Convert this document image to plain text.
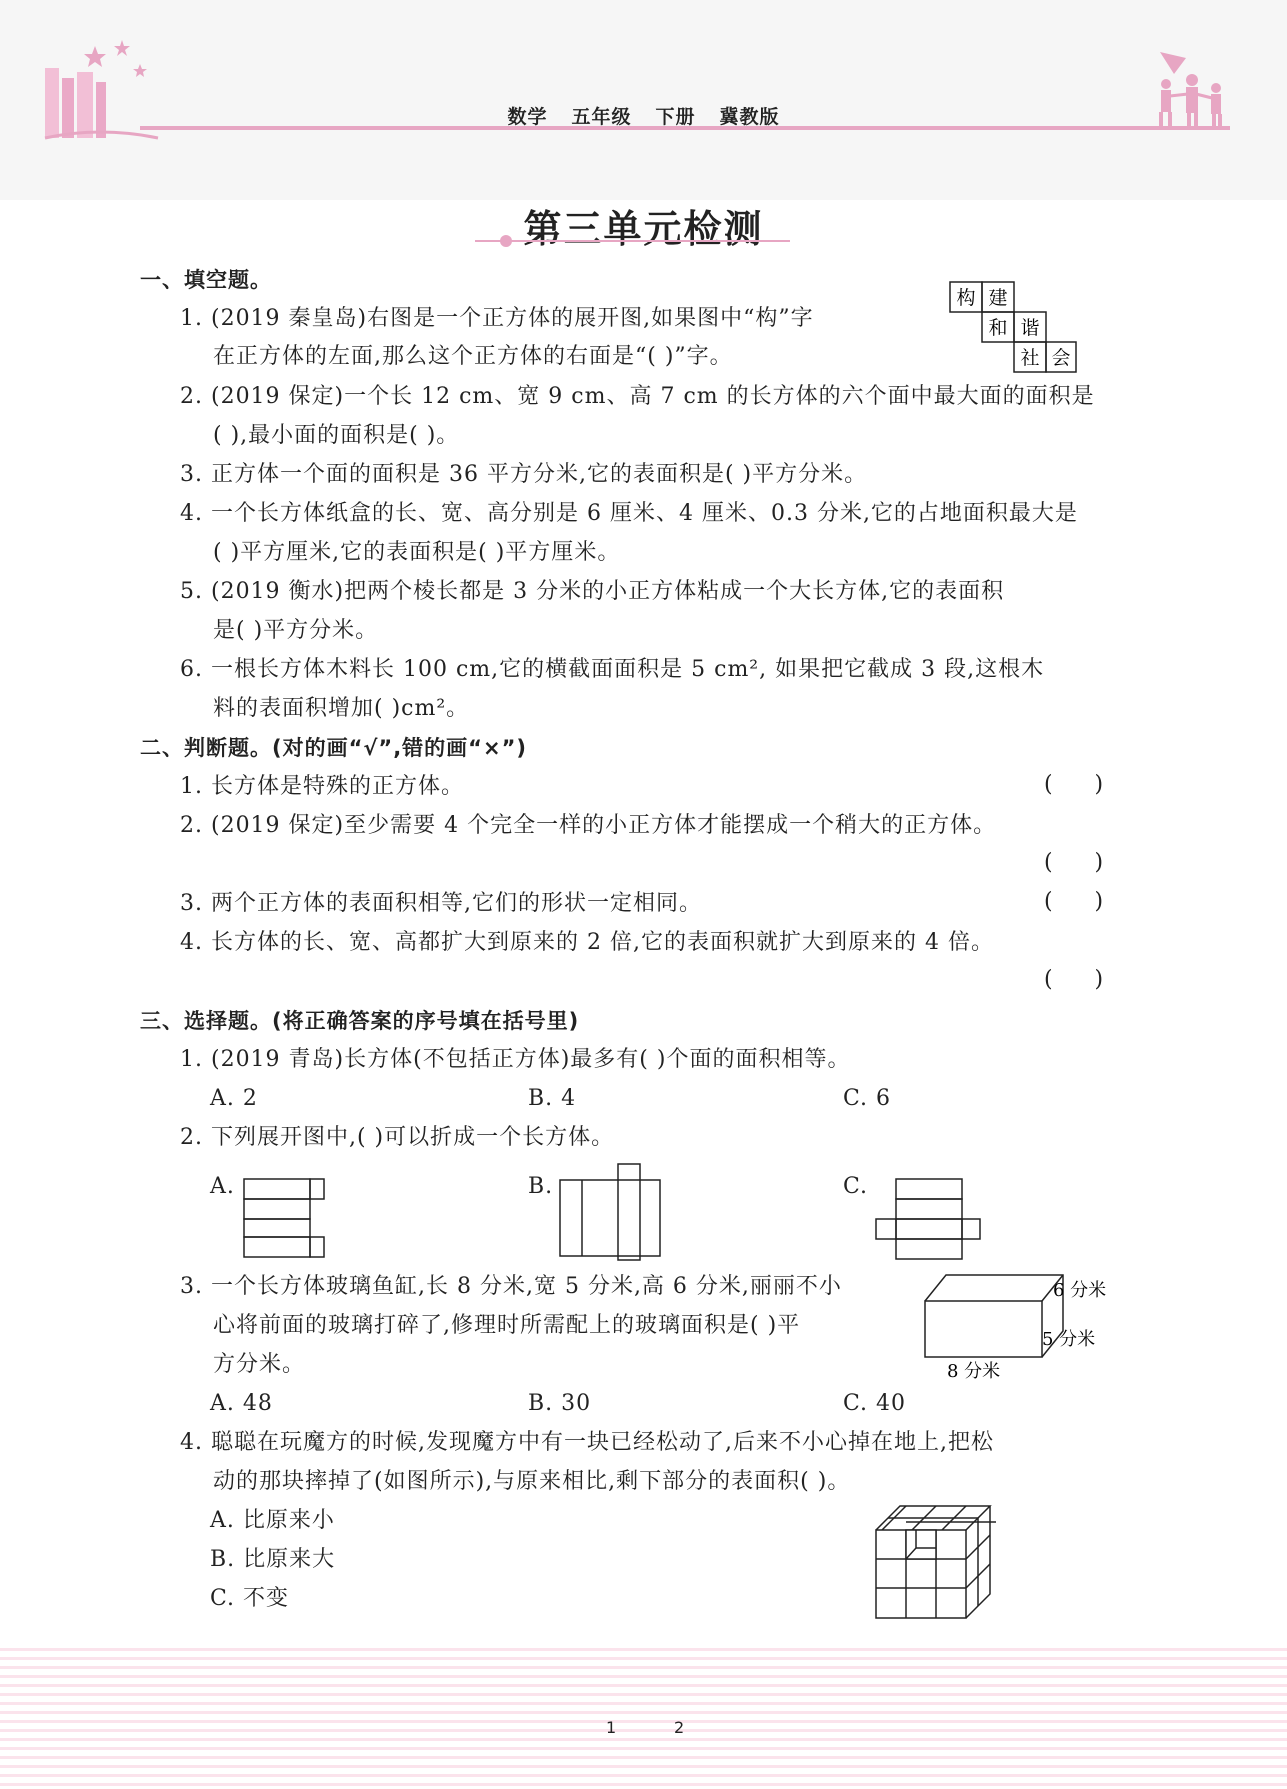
数学 五年级 下册 冀教版
第三单元检测
一、填空题。
1. (2019 秦皇岛)右图是一个正方体的展开图,如果图中“构”字
在正方体的左面,那么这个正方体的右面是“( )”字。
构 建
和 谐
社 会
2. (2019 保定)一个长 12 cm、宽 9 cm、高 7 cm 的长方体的六个面中最大面的面积是
( ),最小面的面积是( )。
3. 正方体一个面的面积是 36 平方分米,它的表面积是( )平方分米。
4. 一个长方体纸盒的长、宽、高分别是 6 厘米、4 厘米、0.3 分米,它的占地面积最大是
( )平方厘米,它的表面积是( )平方厘米。
5. (2019 衡水)把两个棱长都是 3 分米的小正方体粘成一个大长方体,它的表面积
是( )平方分米。
6. 一根长方体木料长 100 cm,它的横截面面积是 5 cm², 如果把它截成 3 段,这根木
料的表面积增加( )cm²。
二、判断题。(对的画“√”,错的画“×”)
1. 长方体是特殊的正方体。	(      )
2. (2019 保定)至少需要 4 个完全一样的小正方体才能摆成一个稍大的正方体。
(      )
3. 两个正方体的表面积相等,它们的形状一定相同。	(      )
4. 长方体的长、宽、高都扩大到原来的 2 倍,它的表面积就扩大到原来的 4 倍。
(      )
三、选择题。(将正确答案的序号填在括号里)
1. (2019 青岛)长方体(不包括正方体)最多有( )个面的面积相等。
A. 2	B. 4	C. 6
2. 下列展开图中,( )可以折成一个长方体。
A.	B.	C.
3. 一个长方体玻璃鱼缸,长 8 分米,宽 5 分米,高 6 分米,丽丽不小
心将前面的玻璃打碎了,修理时所需配上的玻璃面积是( )平
方分米。
A. 48	B. 30	C. 40
6 分米
5 分米
8 分米
4. 聪聪在玩魔方的时候,发现魔方中有一块已经松动了,后来不小心掉在地上,把松
动的那块摔掉了(如图所示),与原来相比,剩下部分的表面积( )。
A. 比原来小
B. 比原来大
C. 不变
1	2
